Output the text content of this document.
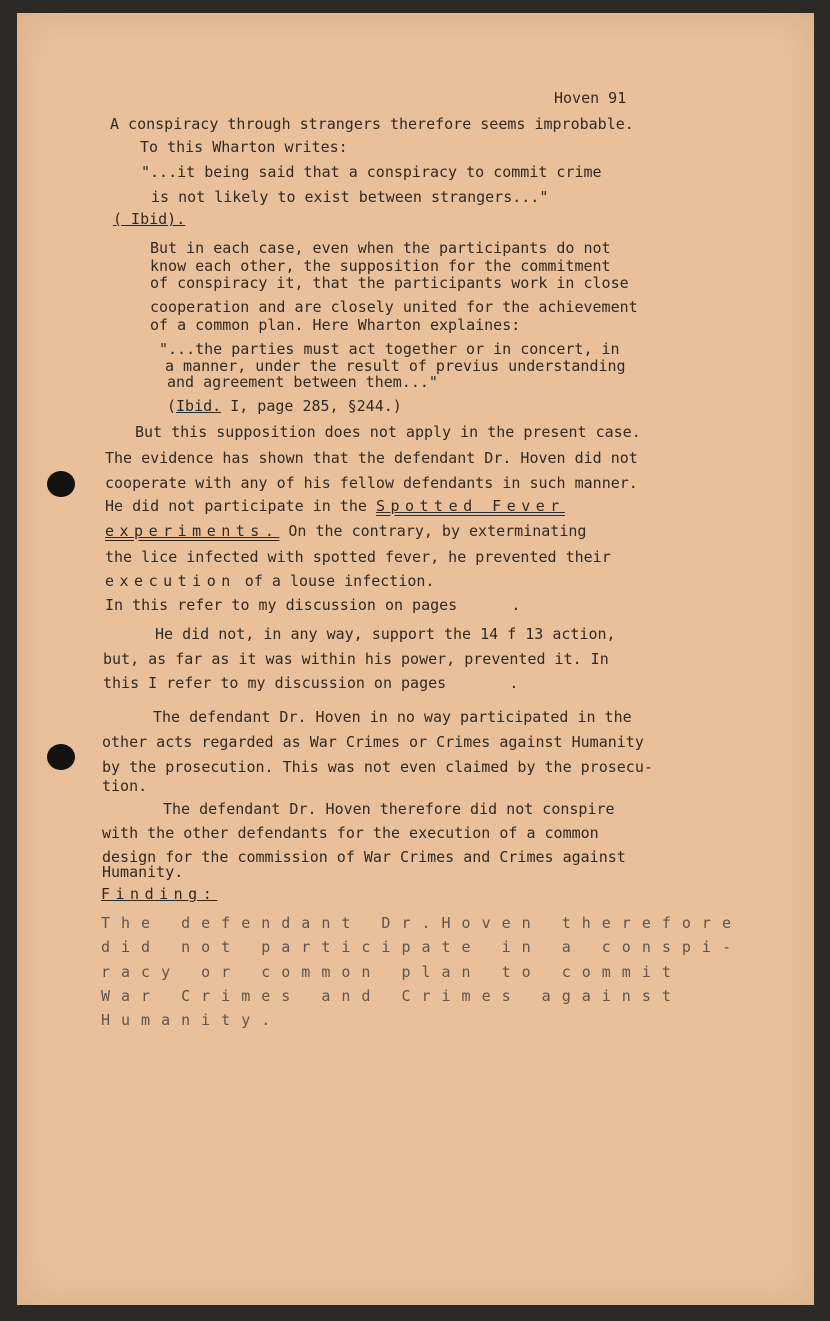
Hoven 91
A conspiracy through strangers therefore seems improbable.
To this Wharton writes:
"...it being said that a conspiracy to commit crime
is not likely to exist between strangers..."
( Ibid).
But in each case, even when the participants do not
know each other, the supposition for the commitment
of conspiracy it, that the participants work in close
cooperation and are closely united for the achievement
of a common plan. Here Wharton explaines:
"...the parties must act together or in concert, in
a manner, under the result of previus understanding
and agreement between them..."
(Ibid. I, page 285, §244.)
But this supposition does not apply in the present case.
The evidence has shown that the defendant Dr. Hoven did not
cooperate with any of his fellow defendants in such manner.
He did not participate in the Spotted Fever
experiments. On the contrary, by exterminating
the lice infected with spotted fever, he prevented their
execution of a louse infection.
In this refer to my discussion on pages      .
He did not, in any way, support the 14 f 13 action,
but, as far as it was within his power, prevented it. In
this I refer to my discussion on pages       .
The defendant Dr. Hoven in no way participated in the
other acts regarded as War Crimes or Crimes against Humanity
by the prosecution. This was not even claimed by the prosecu-
tion.
The defendant Dr. Hoven therefore did not conspire
with the other defendants for the execution of a common
design for the commission of War Crimes and Crimes against
Humanity.
Finding:
The defendant Dr.Hoven therefore
did not participate in a conspi-
racy or common plan to commit
War Crimes and Crimes against
Humanity.
